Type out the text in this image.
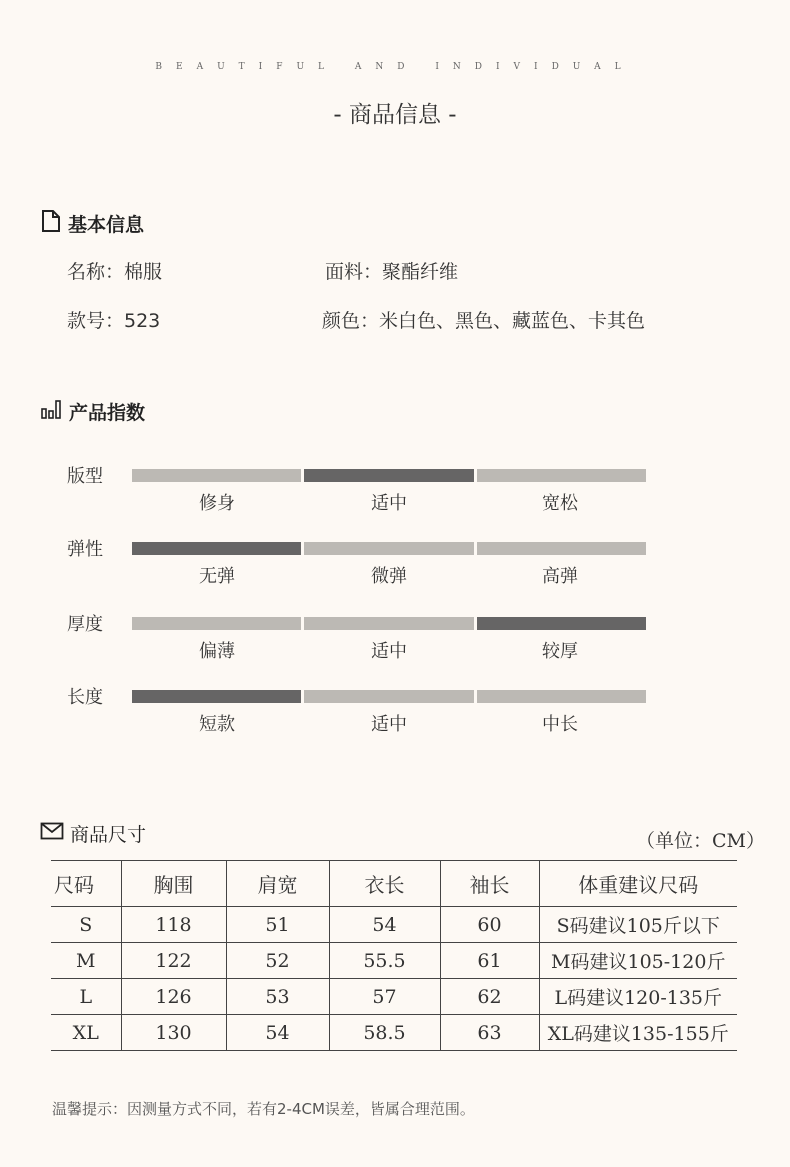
BEAUTIFUL AND INDIVIDUAL
- 商品信息 -
基本信息
名称：棉服	面料：聚酯纤维
款号：523	颜色：米白色、黑色、藏蓝色、卡其色
产品指数
版型
修身	适中	宽松
弹性
无弹	微弹	高弹
厚度
偏薄	适中	较厚
长度
短款	适中	中长
商品尺寸	（单位：CM）
尺码	胸围	肩宽	衣长	袖长	体重建议尺码
S	118	51	54	60	S码建议105斤以下
M	122	52	55.5	61	M码建议105-120斤
L	126	53	57	62	L码建议120-135斤
XL	130	54	58.5	63	XL码建议135-155斤
温馨提示：因测量方式不同，若有2-4CM误差，皆属合理范围。
